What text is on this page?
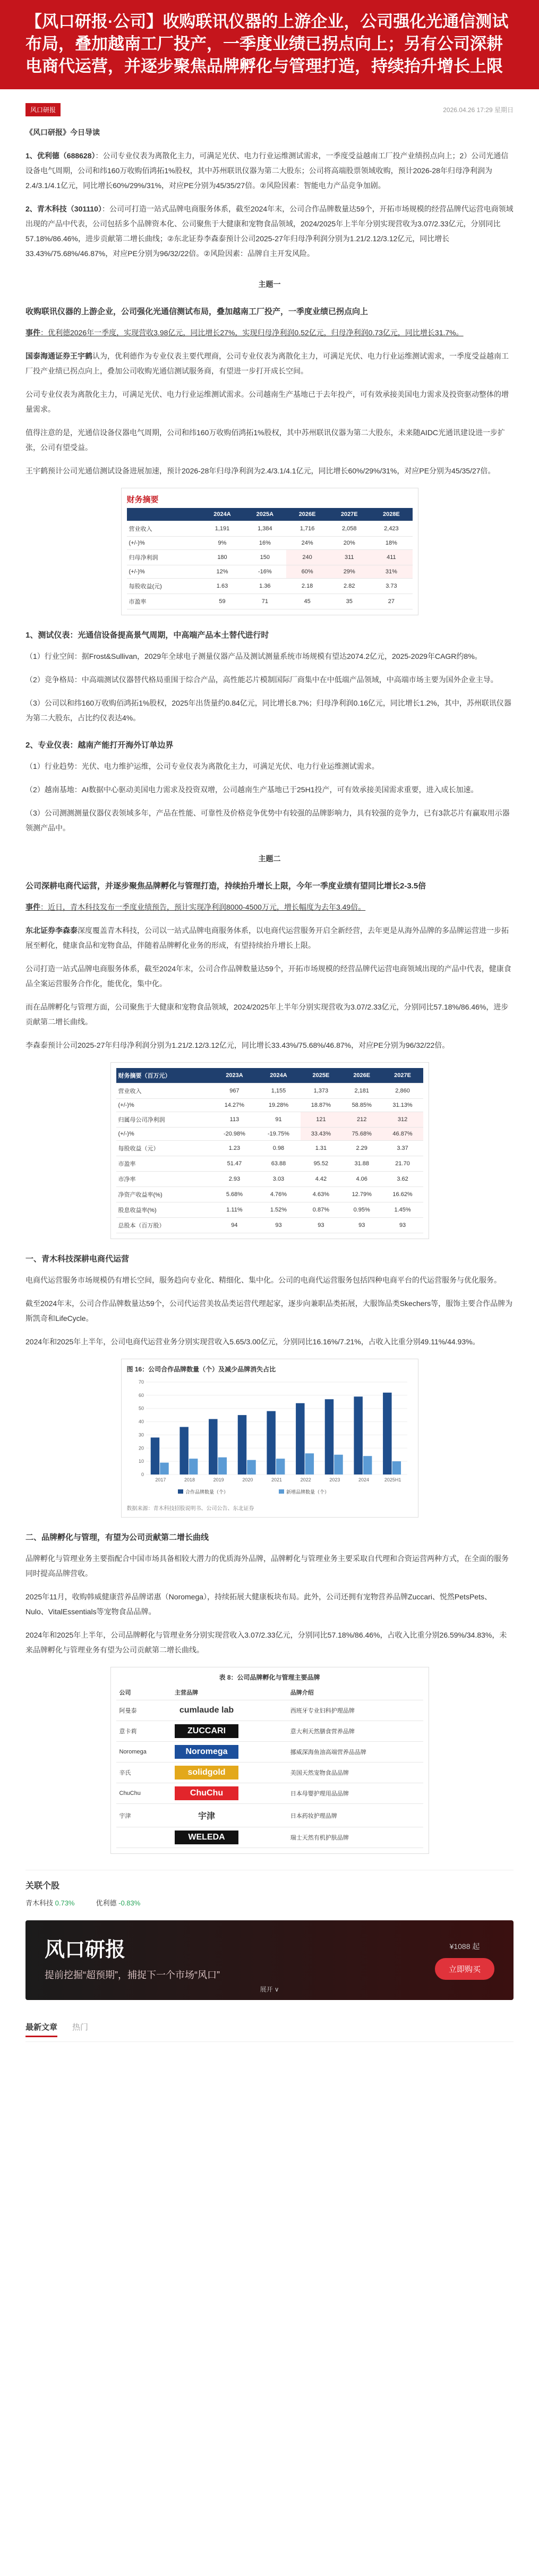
【风口研报·公司】收购联讯仪器的上游企业，公司强化光通信测试布局，叠加越南工厂投产，一季度业绩已拐点向上；另有公司深耕电商代运营，并逐步聚焦品牌孵化与管理打造，持续抬升增长上限
风口研报	2026.04.26 17:29 星期日
《风口研报》今日导读
1、优利德（688628）：公司专业仪表为离散化主力，可满足光伏、电力行业运维测试需求，一季度受益越南工厂投产业绩拐点向上；2）公司光通信设备电气周期，公司和纬160万收购佰鸿拓1%股权，其中苏州联讯仪器为第二大股东；公司将高端股票领域收购，预计2026-28年归母净利润为2.4/3.1/4.1亿元，同比增长60%/29%/31%，对应PE分别为45/35/27倍。②风险因素：智能电力产品竞争加剧。
2、青木科技（301110）：公司可打造一站式品牌电商服务体系，截至2024年末，公司合作品牌数量达59个，开拓市场规模的经营品牌代运营电商领域出现的产品中代表，公司包括多个品牌资本化、公司聚焦于大健康和宠物食品领域，2024/2025年上半年分别实现营收为3.07/2.33亿元，分别同比57.18%/86.46%，进步贡献第二增长曲线；②东北证券李森泰预计公司2025-27年归母净利润分别为1.21/2.12/3.12亿元，同比增长33.43%/75.68%/46.87%，对应PE分别为96/32/22倍。②风险因素：品牌自主开发风险。
主题一
收购联讯仪器的上游企业，公司强化光通信测试布局，叠加越南工厂投产，一季度业绩已拐点向上
事件：优利德2026年一季度，实现营收3.98亿元，同比增长27%，实现归母净利润0.52亿元，归母净利润0.73亿元，同比增长31.7%。
国泰海通证券王宇鹤认为，优利德作为专业仪表主要代理商，公司专业仪表为离散化主力，可满足光伏、电力行业运维测试需求，一季度受益越南工厂投产业绩已拐点向上，叠加公司收购光通信测试服务商，有望进一步打开成长空间。
公司专业仪表为离散化主力，可满足光伏、电力行业运维测试需求。公司越南生产基地已于去年投产，可有效承接美国电力需求及投资驱动整体的增量需求。
值得注意的是，光通信设备仪器电气周期，公司和纬160万收购佰鸿拓1%股权，其中苏州联讯仪器为第二大股东，未来随AIDC光通讯建设进一步扩张，公司有望受益。
王宇鹤预计公司光通信测试设备进展加速，预计2026-28年归母净利润为2.4/3.1/4.1亿元，同比增长60%/29%/31%，对应PE分别为45/35/27倍。
财务摘要
	2024A	2025A	2026E	2027E	2028E
营业收入	1,191	1,384	1,716	2,058	2,423
(+/-)%	9%	16%	24%	20%	18%
归母净利润	180	150	240	311	411
(+/-)%	12%	-16%	60%	29%	31%
每股收益(元)	1.63	1.36	2.18	2.82	3.73
市盈率	59	71	45	35	27
1、测试仪表：光通信设备提高景气周期，中高端产品本土替代进行时
（1）行业空间：据Frost&Sullivan，2029年全球电子测量仪器产品及测试测量系统市场规模有望达2074.2亿元，2025-2029年CAGR约8%。
（2）竞争格局：中高端测试仪器替代格局重围于综合产品，高性能芯片模制国际厂商集中在中低端产品领域，中高端市场主要为国外企业主导。
（3）公司以和纬160万收购佰鸿拓1%股权，2025年出货量约0.84亿元，同比增长8.7%；归母净利润0.16亿元，同比增长1.2%，其中，苏州联讯仪器为第二大股东，占比约仪表达4%。
2、专业仪表：越南产能打开海外订单边界
（1）行业趋势：光伏、电力维护运维，公司专业仪表为离散化主力，可满足光伏、电力行业运维测试需求。
（2）越南基地：AI数据中心驱动美国电力需求及投资双增，公司越南生产基地已于25H1投产，可有效承接美国需求重要，进入成长加速。
（3）公司测测测量仪器仪表领域多年，产品在性能、可靠性及价格竞争优势中有较强的品牌影响力，具有较强的竞争力，已有3款芯片有赢取用示器领测产品中。
主题二
公司深耕电商代运营，并逐步聚焦品牌孵化与管理打造，持续抬升增长上限，今年一季度业绩有望同比增长2-3.5倍
事件：近日，青木科技发布一季度业绩预告，预计实现净利润8000-4500万元，增长幅度为去年3.49倍。
东北证券李森泰深度覆盖青木科技，公司以一站式品牌电商服务体系，以电商代运营服务开启全新经营，去年更是从海外品牌的多品牌运营进一步拓展至孵化，健康食品和宠物食品，伴随着品牌孵化业务的形成，有望持续抬升增长上限。
公司打造一站式品牌电商服务体系，截至2024年末，公司合作品牌数量达59个，开拓市场规模的经营品牌代运营电商领域出现的产品中代表，健康食品全案运营服务合作化，能优化，集中化。
而在品牌孵化与管理方面，公司聚焦于大健康和宠物食品领域，2024/2025年上半年分别实现营收为3.07/2.33亿元，分别同比57.18%/86.46%，进步贡献第二增长曲线。
李森泰预计公司2025-27年归母净利润分别为1.21/2.12/3.12亿元，同比增长33.43%/75.68%/46.87%，对应PE分别为96/32/22倍。
财务摘要（百万元）	2023A	2024A	2025E	2026E	2027E
营业收入	967	1,155	1,373	2,181	2,860
(+/-)%	14.27%	19.28%	18.87%	58.85%	31.13%
归属母公司净利润	113	91	121	212	312
(+/-)%	-20.98%	-19.75%	33.43%	75.68%	46.87%
每股收益（元）	1.23	0.98	1.31	2.29	3.37
市盈率	51.47	63.88	95.52	31.88	21.70
市净率	2.93	3.03	4.42	4.06	3.62
净资产收益率(%)	5.68%	4.76%	4.63%	12.79%	16.62%
股息收益率(%)	1.11%	1.52%	0.87%	0.95%	1.45%
总股本（百万股）	94	93	93	93	93
一、青木科技深耕电商代运营
电商代运营服务市场规模仍有增长空间，服务趋向专业化、精细化、集中化。公司的电商代运营服务包括四种电商平台的代运营服务与优化服务。
截至2024年末，公司合作品牌数量达59个，公司代运营美妆品类运营代理起家，逐步向兼职品类拓展，大服饰品类Skechers等，服饰主要合作品牌为斯凯奇和LifeCycle。
2024年和2025年上半年，公司电商代运营业务分别实现营收入5.65/3.00亿元，分别同比16.16%/7.21%，占收入比重分别49.11%/44.93%。
图 16：公司合作品牌数量（个）及减少品牌消失占比
0
10
20
30
40
50
60
70
2017	2018	2019	2020	2021	2022	2023	2024	2025H1
合作品牌数量（个）	新增品牌数量（个）
数据来源：青木科技招股说明书、公司公告、东北证券
二、品牌孵化与管理，有望为公司贡献第二增长曲线
品牌孵化与管理业务主要指配合中国市场具备相较大潜力的优质海外品牌，品牌孵化与管理业务主要采取自代理和合资运营两种方式，在全面的服务同时提高品牌营收。
2025年11月，收购韩威健康营养品牌诺惠（Noromega），持续拓展大健康板块布局。此外，公司还拥有宠物营养品牌Zuccari、悦然PetsPets、Nulo、VitalEssentials等宠物食品品牌。
2024年和2025年上半年，公司品牌孵化与管理业务分别实现营收入3.07/2.33亿元，分别同比57.18%/86.46%，占收入比重分别26.59%/34.83%，未来品牌孵化与管理业务有望为公司贡献第二增长曲线。
表 8：公司品牌孵化与管理主要品牌
公司	主营品牌	品牌介绍
阿曼泰	cumlaude lab	西班牙专业妇科护理品牌
意卡莉	ZUCCARI	意大利天然膳食营养品牌
Noromega	Noromega	挪威深海鱼油高端营养品品牌
辛氏	solidgold	美国天然宠物食品品牌
ChuChu	ChuChu	日本母婴护理用品品牌
宇津	宇津	日本药妆护理品牌
	WELEDA	瑞士天然有机护肤品牌
关联个股
青木科技 0.73%	优利德 -0.83%
风口研报
提前挖掘“超预期”，捕捉下一个市场“风口”
¥1088 起
立即购买
展开 ∨
最新文章 热门
